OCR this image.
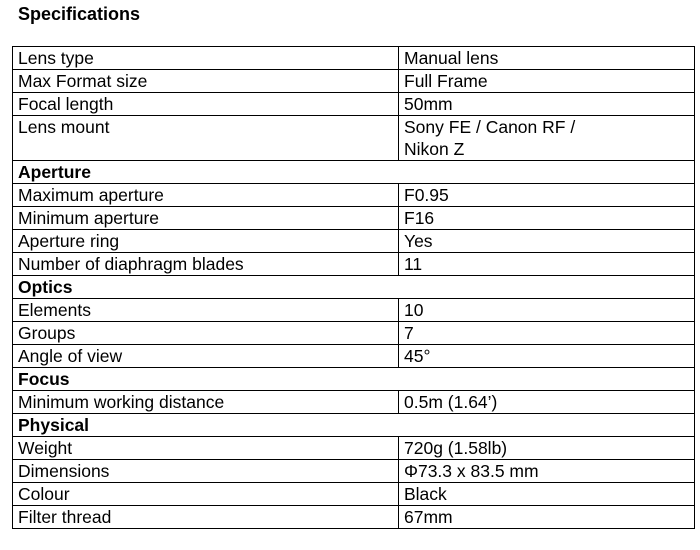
Specifications
Lens type	Manual lens
Max Format size	Full Frame
Focal length	50mm
Lens mount	Sony FE / Canon RF /
Nikon Z

Aperture	
Maximum aperture	F0.95
Minimum aperture	F16
Aperture ring	Yes
Number of diaphragm blades	11
Optics	
Elements	10
Groups	7
Angle of view	45°
Focus	
Minimum working distance	0.5m (1.64’)
Physical	
Weight	720g (1.58lb)
Dimensions	Φ73.3 x 83.5 mm
Colour	Black
Filter thread	67mm
